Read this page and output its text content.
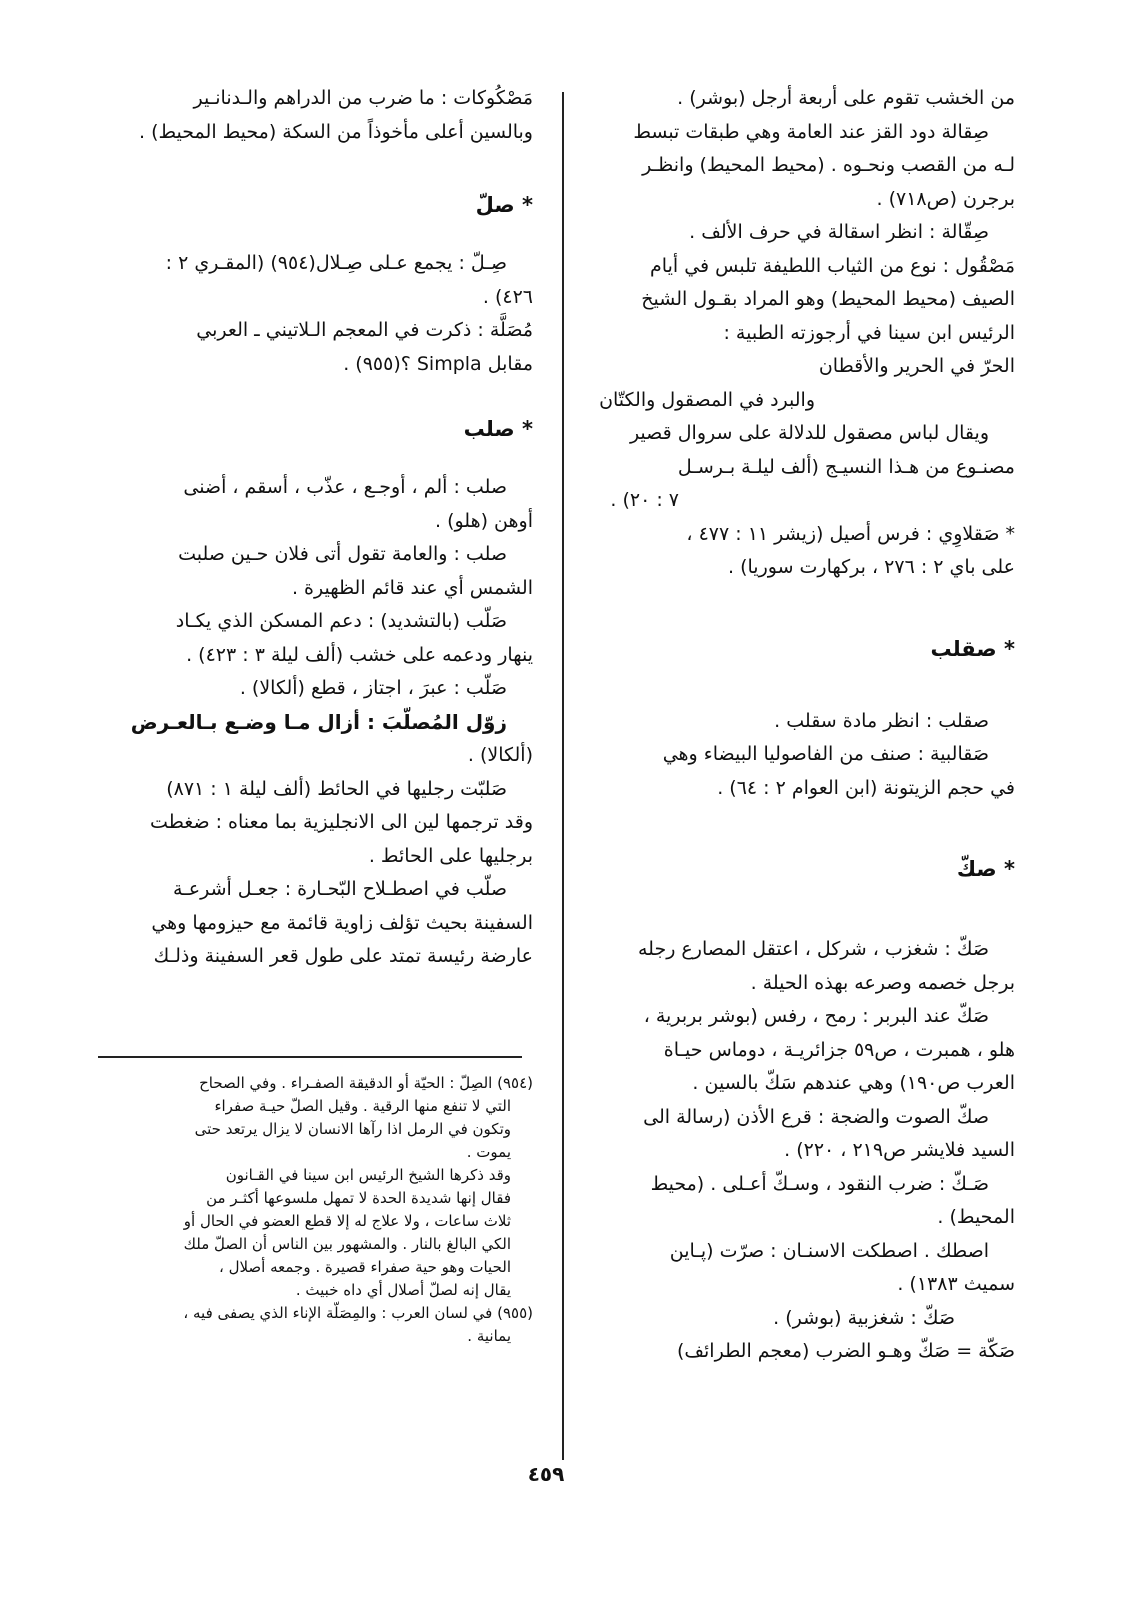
من الخشب تقوم على أربعة أرجل (بوشر) .
صِقالة دود القز عند العامة وهي طبقات تبسط
لـه من القصب ونحـوه . (محيط المحيط) وانظـر
برجرن (ص٧١٨) .
صِقّالة : انظر اسقالة في حرف الألف .
مَصْقُول : نوع من الثياب اللطيفة تلبس في أيام
الصيف (محيط المحيط) وهو المراد بقـول الشيخ
الرئيس ابن سينا في أرجوزته الطبية :
الحرّ في الحرير والأقطان
والبرد في المصقول والكتّان
ويقال لباس مصقول للدلالة على سروال قصير
مصنـوع من هـذا النسيـج (ألف ليلـة بـرسـل
٧ : ٢٠) .
* صَقلاوِي : فرس أصيل (زيشر ١١ : ٤٧٧ ،
على باي ٢ : ٢٧٦ ، بركهارت سوريا) .
* صقلب
صقلب : انظر مادة سقلب .
صَقالبية : صنف من الفاصوليا البيضاء وهي
في حجم الزيتونة (ابن العوام ٢ : ٦٤) .
* صكّ
صَكّ : شغزب ، شركل ، اعتقل المصارع رجله
برجل خصمه وصرعه بهذه الحيلة .
صَكّ عند البربر : رمح ، رفس (بوشر بربرية ،
هلو ، همبرت ، ص٥٩ جزائريـة ، دوماس حيـاة
العرب ص١٩٠) وهي عندهم سَكّ بالسين .
صكّ الصوت والضجة : قرع الأذن (رسالة الى
السيد فلايشر ص٢١٩ ، ٢٢٠) .
صَـكّ : ضرب النقود ، وسـكّ أعـلى . (محيط
المحيط) .
اصطك . اصطكت الاسنـان : صرّت (پـاين
سميث ١٣٨٣) .
صَكّ : شغزبية (بوشر) .
صَكّة = صَكّ وهـو الضرب (معجم الطرائف)
مَصْكُوكات : ما ضرب من الدراهم والـدنانـير
وبالسين أعلى مأخوذاً من السكة (محيط المحيط) .
* صلّ
صِـلّ : يجمع عـلى صِـلال(٩٥٤) (المقـري ٢ :
٤٢٦) .
مُصَلَّة : ذكرت في المعجم الـلاتيني ـ العربي
مقابل Simpla ؟(٩٥٥) .
* صلب
صلب : ألم ، أوجـع ، عذّب ، أسقم ، أضنى
أوهن (هلو) .
صلب : والعامة تقول أتى فلان حـين صلبت
الشمس أي عند قائم الظهيرة .
صَلّب (بالتشديد) : دعم المسكن الذي يكـاد
ينهار ودعمه على خشب (ألف ليلة ٣ : ٤٢٣) .
صَلّب : عبرَ ، اجتاز ، قطع (ألكالا) .
زوّل المُصلّبَ : أزال مـا وضـع بـالعـرض
(ألكالا) .
صَلبّت رجليها في الحائط (ألف ليلة ١ : ٨٧١)
وقد ترجمها لين الى الانجليزية بما معناه : ضغطت
برجليها على الحائط .
صلّب في اصطـلاح البّحـارة : جعـل أشرعـة
السفينة بحيث تؤلف زاوية قائمة مع حيزومها وهي
عارضة رئيسة تمتد على طول قعر السفينة وذلـك
(٩٥٤) الصِلّ : الحيّة أو الدقيقة الصفـراء . وفي الصحاح
التي لا تنفع منها الرقية . وقيل الصلّ حيـة صفراء
وتكون في الرمل اذا رآها الانسان لا يزال يرتعد حتى
يموت .
وقد ذكرها الشيخ الرئيس ابن سينا في القـانون
فقال إنها شديدة الحدة لا تمهل ملسوعها أكثـر من
ثلاث ساعات ، ولا علاج له إلا قطع العضو في الحال أو
الكي البالغ بالنار . والمشهور بين الناس أن الصلّ ملك
الحيات وهو حية صفراء قصيرة . وجمعه أصلال ،
يقال إنه لصلّ أصلال أي داه خبيث .
(٩٥٥) في لسان العرب : والمِصَلّة الإناء الذي يصفى فيه ،
يمانية .
٤٥٩
